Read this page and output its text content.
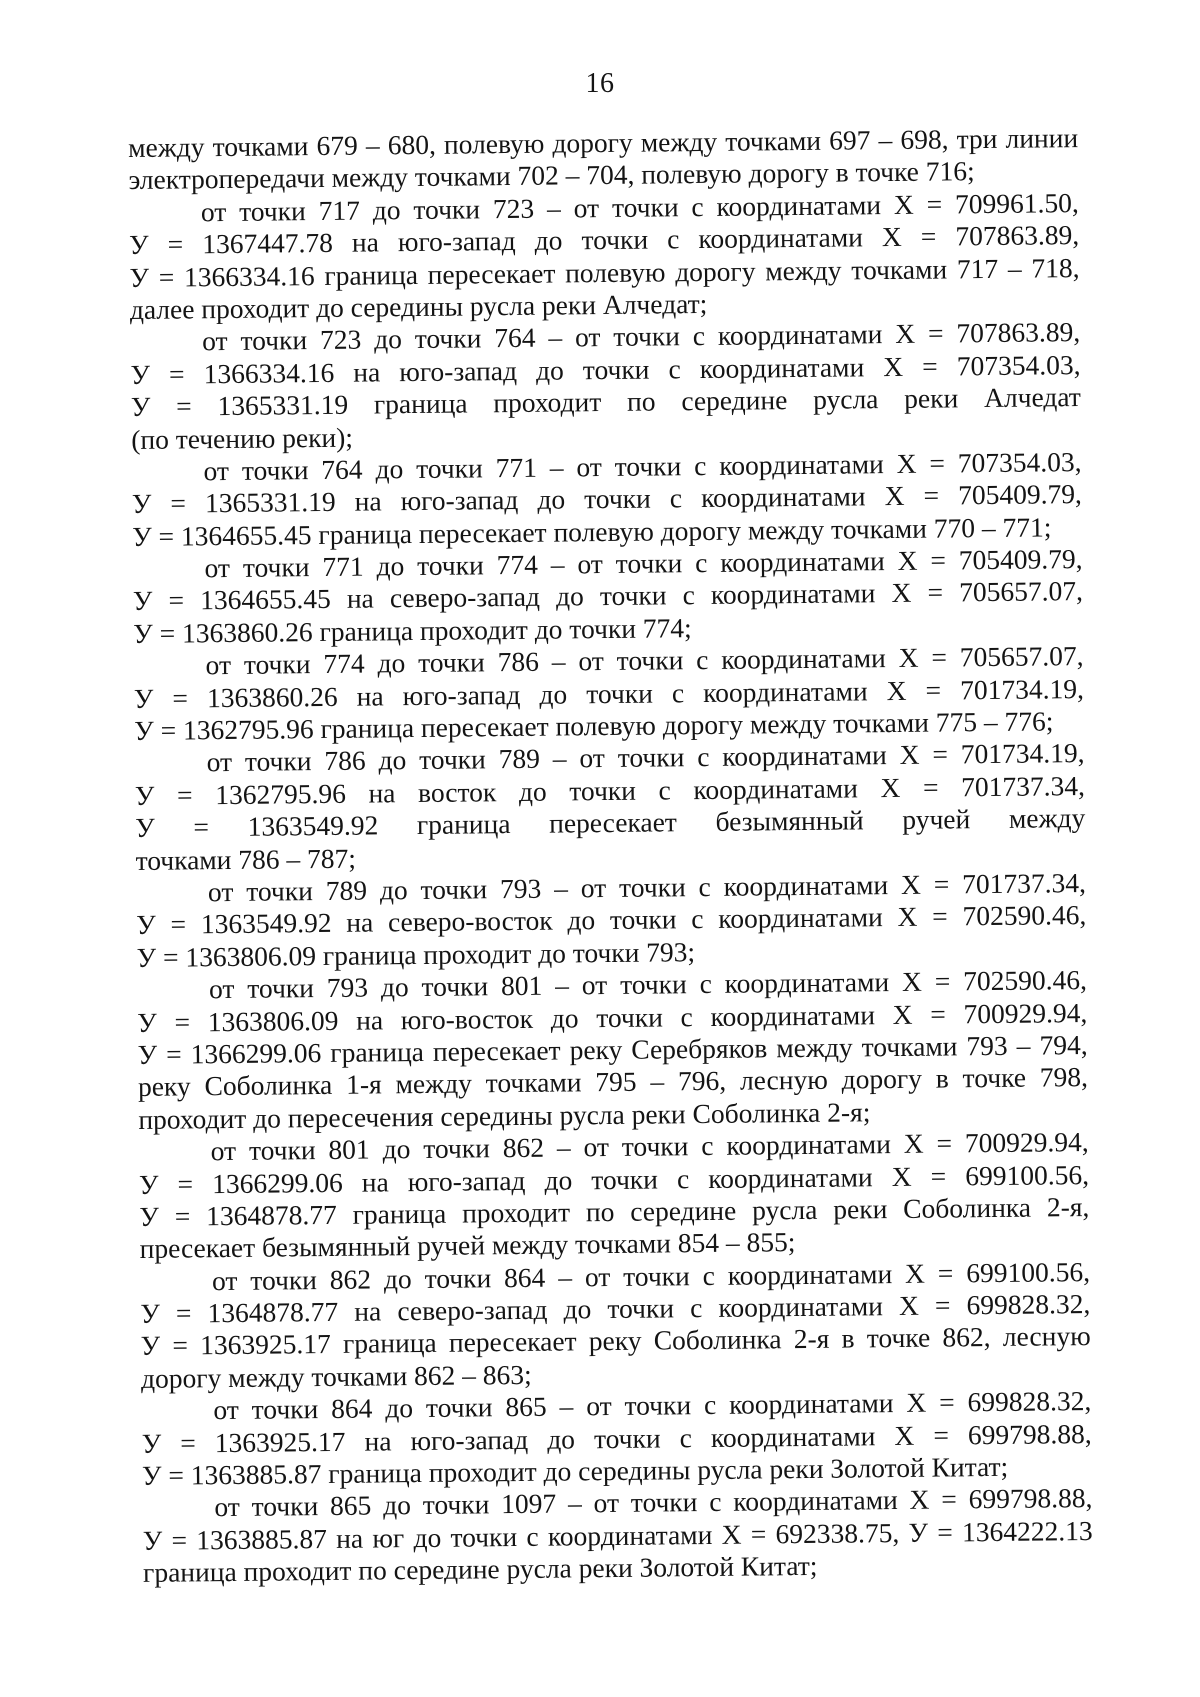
16
между точками 679 – 680, полевую дорогу между точками 697 – 698, три линии
электропередачи между точками 702 – 704, полевую дорогу в точке 716;
от точки 717 до точки 723 – от точки с координатами Х = 709961.50,
У = 1367447.78 на юго-запад до точки с координатами Х = 707863.89,
У = 1366334.16 граница пересекает полевую дорогу между точками 717 – 718,
далее проходит до середины русла реки Алчедат;
от точки 723 до точки 764 – от точки с координатами Х = 707863.89,
У = 1366334.16 на юго-запад до точки с координатами Х = 707354.03,
У = 1365331.19 граница проходит по середине русла реки Алчедат
(по течению реки);
от точки 764 до точки 771 – от точки с координатами Х = 707354.03,
У = 1365331.19 на юго-запад до точки с координатами Х = 705409.79,
У = 1364655.45 граница пересекает полевую дорогу между точками 770 – 771;
от точки 771 до точки 774 – от точки с координатами Х = 705409.79,
У = 1364655.45 на северо-запад до точки с координатами Х = 705657.07,
У = 1363860.26 граница проходит до точки 774;
от точки 774 до точки 786 – от точки с координатами Х = 705657.07,
У = 1363860.26 на юго-запад до точки с координатами Х = 701734.19,
У = 1362795.96 граница пересекает полевую дорогу между точками 775 – 776;
от точки 786 до точки 789 – от точки с координатами Х = 701734.19,
У = 1362795.96 на восток до точки с координатами Х = 701737.34,
У = 1363549.92 граница пересекает безымянный ручей между
точками 786 – 787;
от точки 789 до точки 793 – от точки с координатами Х = 701737.34,
У = 1363549.92 на северо-восток до точки с координатами Х = 702590.46,
У = 1363806.09 граница проходит до точки 793;
от точки 793 до точки 801 – от точки с координатами Х = 702590.46,
У = 1363806.09 на юго-восток до точки с координатами Х = 700929.94,
У = 1366299.06 граница пересекает реку Серебряков между точками 793 – 794,
реку Соболинка 1-я между точками 795 – 796, лесную дорогу в точке 798,
проходит до пересечения середины русла реки Соболинка 2-я;
от точки 801 до точки 862 – от точки с координатами Х = 700929.94,
У = 1366299.06 на юго-запад до точки с координатами Х = 699100.56,
У = 1364878.77 граница проходит по середине русла реки Соболинка 2-я,
пресекает безымянный ручей между точками 854 – 855;
от точки 862 до точки 864 – от точки с координатами Х = 699100.56,
У = 1364878.77 на северо-запад до точки с координатами Х = 699828.32,
У = 1363925.17 граница пересекает реку Соболинка 2-я в точке 862, лесную
дорогу между точками 862 – 863;
от точки 864 до точки 865 – от точки с координатами Х = 699828.32,
У = 1363925.17 на юго-запад до точки с координатами Х = 699798.88,
У = 1363885.87 граница проходит до середины русла реки Золотой Китат;
от точки 865 до точки 1097 – от точки с координатами Х = 699798.88,
У = 1363885.87 на юг до точки с координатами Х = 692338.75, У = 1364222.13
граница проходит по середине русла реки Золотой Китат;
